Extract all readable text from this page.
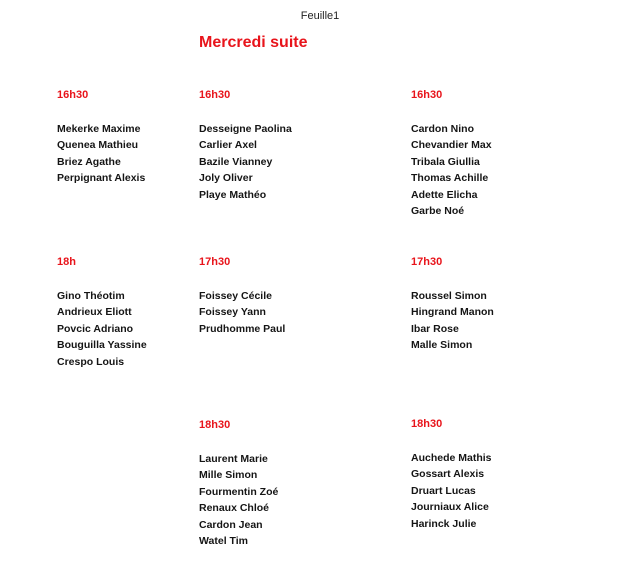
Feuille1
Mercredi suite
16h30
Mekerke Maxime
Quenea Mathieu
Briez Agathe
Perpignant Alexis
16h30
Desseigne Paolina
Carlier Axel
Bazile Vianney
Joly Oliver
Playe Mathéo
16h30
Cardon Nino
Chevandier Max
Tribala Giullia
Thomas Achille
Adette Elicha
Garbe Noé
18h
Gino Théotim
Andrieux Eliott
Povcic Adriano
Bouguilla Yassine
Crespo Louis
17h30
Foissey Cécile
Foissey Yann
Prudhomme Paul
17h30
Roussel Simon
Hingrand Manon
Ibar Rose
Malle Simon
18h30
Laurent Marie
Mille Simon
Fourmentin Zoé
Renaux Chloé
Cardon Jean
Watel Tim
18h30
Auchede Mathis
Gossart Alexis
Druart Lucas
Journiaux Alice
Harinck Julie
